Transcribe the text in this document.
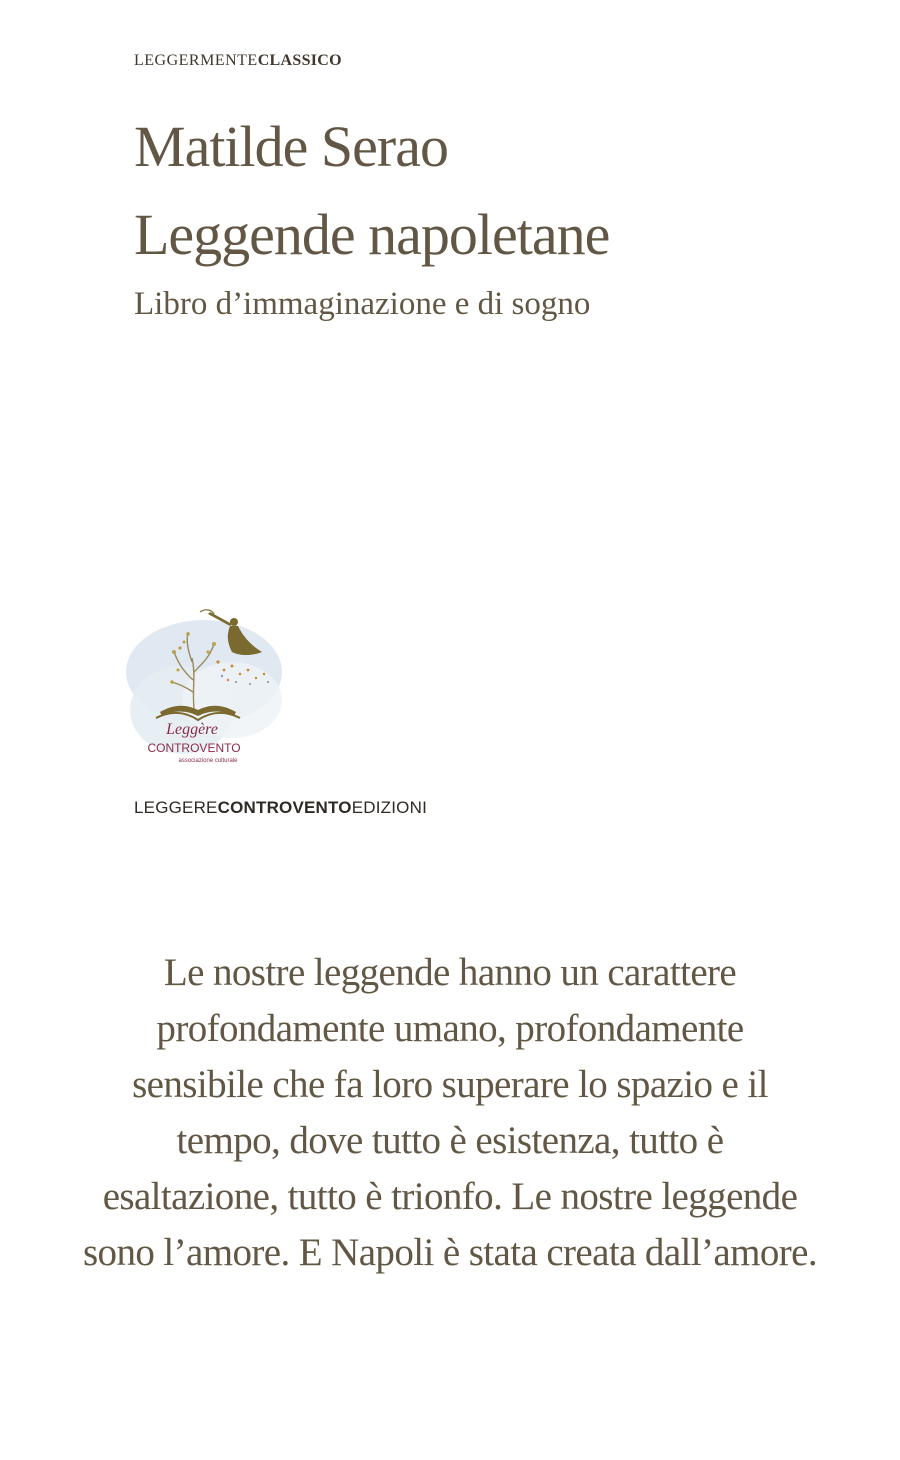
LEGGERMENTECLASSICO
Matilde Serao
Leggende napoletane
Libro d’immaginazione e di sogno
Leggère
CONTROVENTO
associazione culturale
LEGGERECONTROVENTOEDIZIONI
Le nostre leggende hanno un carattere
profondamente umano, profondamente
sensibile che fa loro superare lo spazio e il
tempo, dove tutto è esistenza, tutto è
esaltazione, tutto è trionfo. Le nostre leggende
sono l’amore. E Napoli è stata creata dall’amore.
